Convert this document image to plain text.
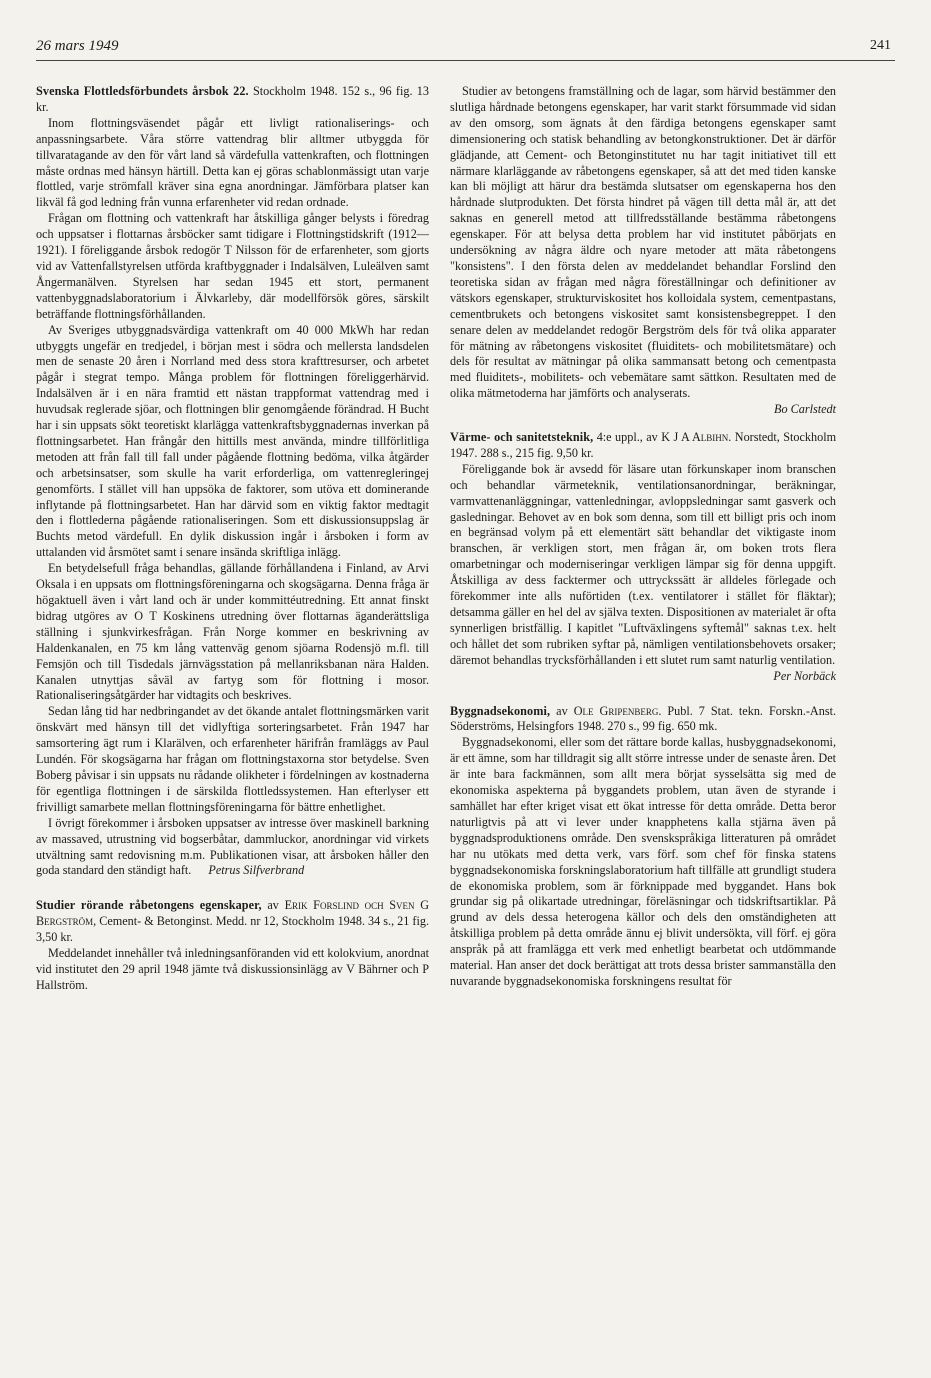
26 mars 1949	241

Svenska Flottledsförbundets årsbok 22. Stockholm 1948. 152 s., 96 fig. 13 kr.

Inom flottningsväsendet pågår ett livligt rationaliserings- och anpassningsarbete. Våra större vattendrag blir alltmer utbyggda för tillvaratagande av den för vårt land så värdefulla vattenkraften, och flottningen måste ordnas med hänsyn härtill. Detta kan ej göras schablonmässigt utan varje flottled, varje strömfall kräver sina egna anordningar. Jämförbara platser kan likväl få god ledning från vunna erfarenheter vid redan ordnade.

Frågan om flottning och vattenkraft har åtskilliga gånger belysts i föredrag och uppsatser i flottarnas årsböcker samt tidigare i Flottningstidskrift (1912—1921). I föreliggande årsbok redogör T Nilsson för de erfarenheter, som gjorts vid av Vattenfallstyrelsen utförda kraftbyggnader i Indalsälven, Luleälven samt Ångermanälven. Styrelsen har sedan 1945 ett stort, permanent vattenbyggnadslaboratorium i Älvkarleby, där modellförsök göres, särskilt beträffande flottningsförhållanden.

Av Sveriges utbyggnadsvärdiga vattenkraft om 40 000 MkWh har redan utbyggts ungefär en tredjedel, i början mest i södra och mellersta landsdelen men de senaste 20 åren i Norrland med dess stora krafttresurser, och arbetet pågår i stegrat tempo. Många problem för flottningen föreliggerhärvid. Indalsälven är i en nära framtid ett nästan trappformat vattendrag med i huvudsak reglerade sjöar, och flottningen blir genomgående förändrad. H Bucht har i sin uppsats sökt teoretiskt klarlägga vattenkraftsbyggnadernas inverkan på flottningsarbetet. Han frångår den hittills mest använda, mindre tillförlitliga metoden att från fall till fall under pågående flottning bedöma, vilka åtgärder och arbetsinsatser, som skulle ha varit erforderliga, om vattenregleringej genomförts. I stället vill han uppsöka de faktorer, som utöva ett dominerande inflytande på flottningsarbetet. Han har därvid som en viktig faktor medtagit den i flottlederna pågående rationaliseringen. Som ett diskussionsuppslag är Buchts metod värdefull. En dylik diskussion ingår i årsboken i form av uttalanden vid årsmötet samt i senare insända skriftliga inlägg.

En betydelsefull fråga behandlas, gällande förhållandena i Finland, av Arvi Oksala i en uppsats om flottningsföreningarna och skogsägarna. Denna fråga är högaktuell även i vårt land och är under kommittéutredning. Ett annat finskt bidrag utgöres av O T Koskinens utredning över flottarnas äganderättsliga ställning i sjunkvirkesfrågan. Från Norge kommer en beskrivning av Haldenkanalen, en 75 km lång vattenväg genom sjöarna Rodensjö m.fl. till Femsjön och till Tisdedals järnvägsstation på mellanriksbanan nära Halden. Kanalen utnyttjas såväl av fartyg som för flottning i mosor. Rationaliseringsåtgärder har vidtagits och beskrives.

Sedan lång tid har nedbringandet av det ökande antalet flottningsmärken varit önskvärt med hänsyn till det vidlyftiga sorteringsarbetet. Från 1947 har samsortering ägt rum i Klarälven, och erfarenheter härifrån framläggs av Paul Lundén. För skogsägarna har frågan om flottningstaxorna stor betydelse. Sven Boberg påvisar i sin uppsats nu rådande olikheter i fördelningen av kostnaderna för egentliga flottningen i de särskilda flottledssystemen. Han efterlyser ett frivilligt samarbete mellan flottningsföreningarna för bättre enhetlighet.

I övrigt förekommer i årsboken uppsatser av intresse över maskinell barkning av massaved, utrustning vid bogserbåtar, dammluckor, anordningar vid virkets utvältning samt redovisning m.m. Publikationen visar, att årsboken håller den goda standard den ständigt haft. Petrus Silfverbrand

Studier rörande råbetongens egenskaper, av Erik Forslind och Sven G Bergström, Cement- & Betonginst. Medd. nr 12, Stockholm 1948. 34 s., 21 fig. 3,50 kr.

Meddelandet innehåller två inledningsanföranden vid ett kolokvium, anordnat vid institutet den 29 april 1948 jämte två diskussionsinlägg av V Bährner och P Hallström.

Studier av betongens framställning och de lagar, som härvid bestämmer den slutliga hårdnade betongens egenskaper, har varit starkt försummade vid sidan av den omsorg, som ägnats åt den färdiga betongens egenskaper samt dimensionering och statisk behandling av betongkonstruktioner. Det är därför glädjande, att Cement- och Betonginstitutet nu har tagit initiativet till ett närmare klarläggande av råbetongens egenskaper, så att det med tiden kanske kan bli möjligt att härur dra bestämda slutsatser om egenskaperna hos den hårdnade slutprodukten. Det första hindret på vägen till detta mål är, att det saknas en generell metod att tillfredsställande bestämma råbetongens egenskaper. För att belysa detta problem har vid institutet påbörjats en undersökning av några äldre och nyare metoder att mäta råbetongens "konsistens". I den första delen av meddelandet behandlar Forslind den teoretiska sidan av frågan med några föreställningar och definitioner av vätskors egenskaper, strukturviskositet hos kolloidala system, cementpastans, cementbrukets och betongens viskositet samt konsistensbegreppet. I den senare delen av meddelandet redogör Bergström dels för två olika apparater för mätning av råbetongens viskositet (fluiditets- och mobilitetsmätare) och dels för resultat av mätningar på olika sammansatt betong och cementpasta med fluiditets-, mobilitets- och vebemätare samt sättkon. Resultaten med de olika mätmetoderna har jämförts och analyserats.

Bo Carlstedt

Värme- och sanitetsteknik, 4:e uppl., av K J A Albihn. Norstedt, Stockholm 1947. 288 s., 215 fig. 9,50 kr.

Föreliggande bok är avsedd för läsare utan förkunskaper inom branschen och behandlar värmeteknik, ventilationsanordningar, beräkningar, varmvattenanläggningar, vattenledningar, avloppsledningar samt gasverk och gasledningar. Behovet av en bok som denna, som till ett billigt pris och inom en begränsad volym på ett elementärt sätt behandlar det viktigaste inom branschen, är verkligen stort, men frågan är, om boken trots flera omarbetningar och moderniseringar verkligen lämpar sig för denna uppgift. Åtskilliga av dess facktermer och uttryckssätt är alldeles förlegade och förekommer inte alls nuförtiden (t.ex. ventilatorer i stället för fläktar); detsamma gäller en hel del av själva texten. Dispositionen av materialet är ofta synnerligen bristfällig. I kapitlet "Luftväxlingens syftemål" saknas t.ex. helt och hållet det som rubriken syftar på, nämligen ventilationsbehovets orsaker; däremot behandlas trycksförhållanden i ett slutet rum samt naturlig ventilation.

Per Norbäck

Byggnadsekonomi, av Ole Gripenberg. Publ. 7 Stat. tekn. Forskn.-Anst. Söderströms, Helsingfors 1948. 270 s., 99 fig. 650 mk.

Byggnadsekonomi, eller som det rättare borde kallas, husbyggnadsekonomi, är ett ämne, som har tilldragit sig allt större intresse under de senaste åren. Det är inte bara fackmännen, som allt mera börjat sysselsätta sig med de ekonomiska aspekterna på byggandets problem, utan även de styrande i samhället har efter kriget visat ett ökat intresse för detta område. Detta beror naturligtvis på att vi lever under knapphetens kalla stjärna även på byggnadsproduktionens område. Den svenskspråkiga litteraturen på området har nu utökats med detta verk, vars förf. som chef för finska statens byggnadsekonomiska forskningslaboratorium haft tillfälle att grundligt studera de ekonomiska problem, som är förknippade med byggandet. Hans bok grundar sig på olikartade utredningar, föreläsningar och tidskriftsartiklar. På grund av dels dessa heterogena källor och dels den omständigheten att åtskilliga problem på detta område ännu ej blivit undersökta, vill förf. ej göra anspråk på att framlägga ett verk med enhetligt bearbetat och utdömmande material. Han anser det dock berättigat att trots dessa brister sammanställa den nuvarande byggnadsekonomiska forskningens resultat för
